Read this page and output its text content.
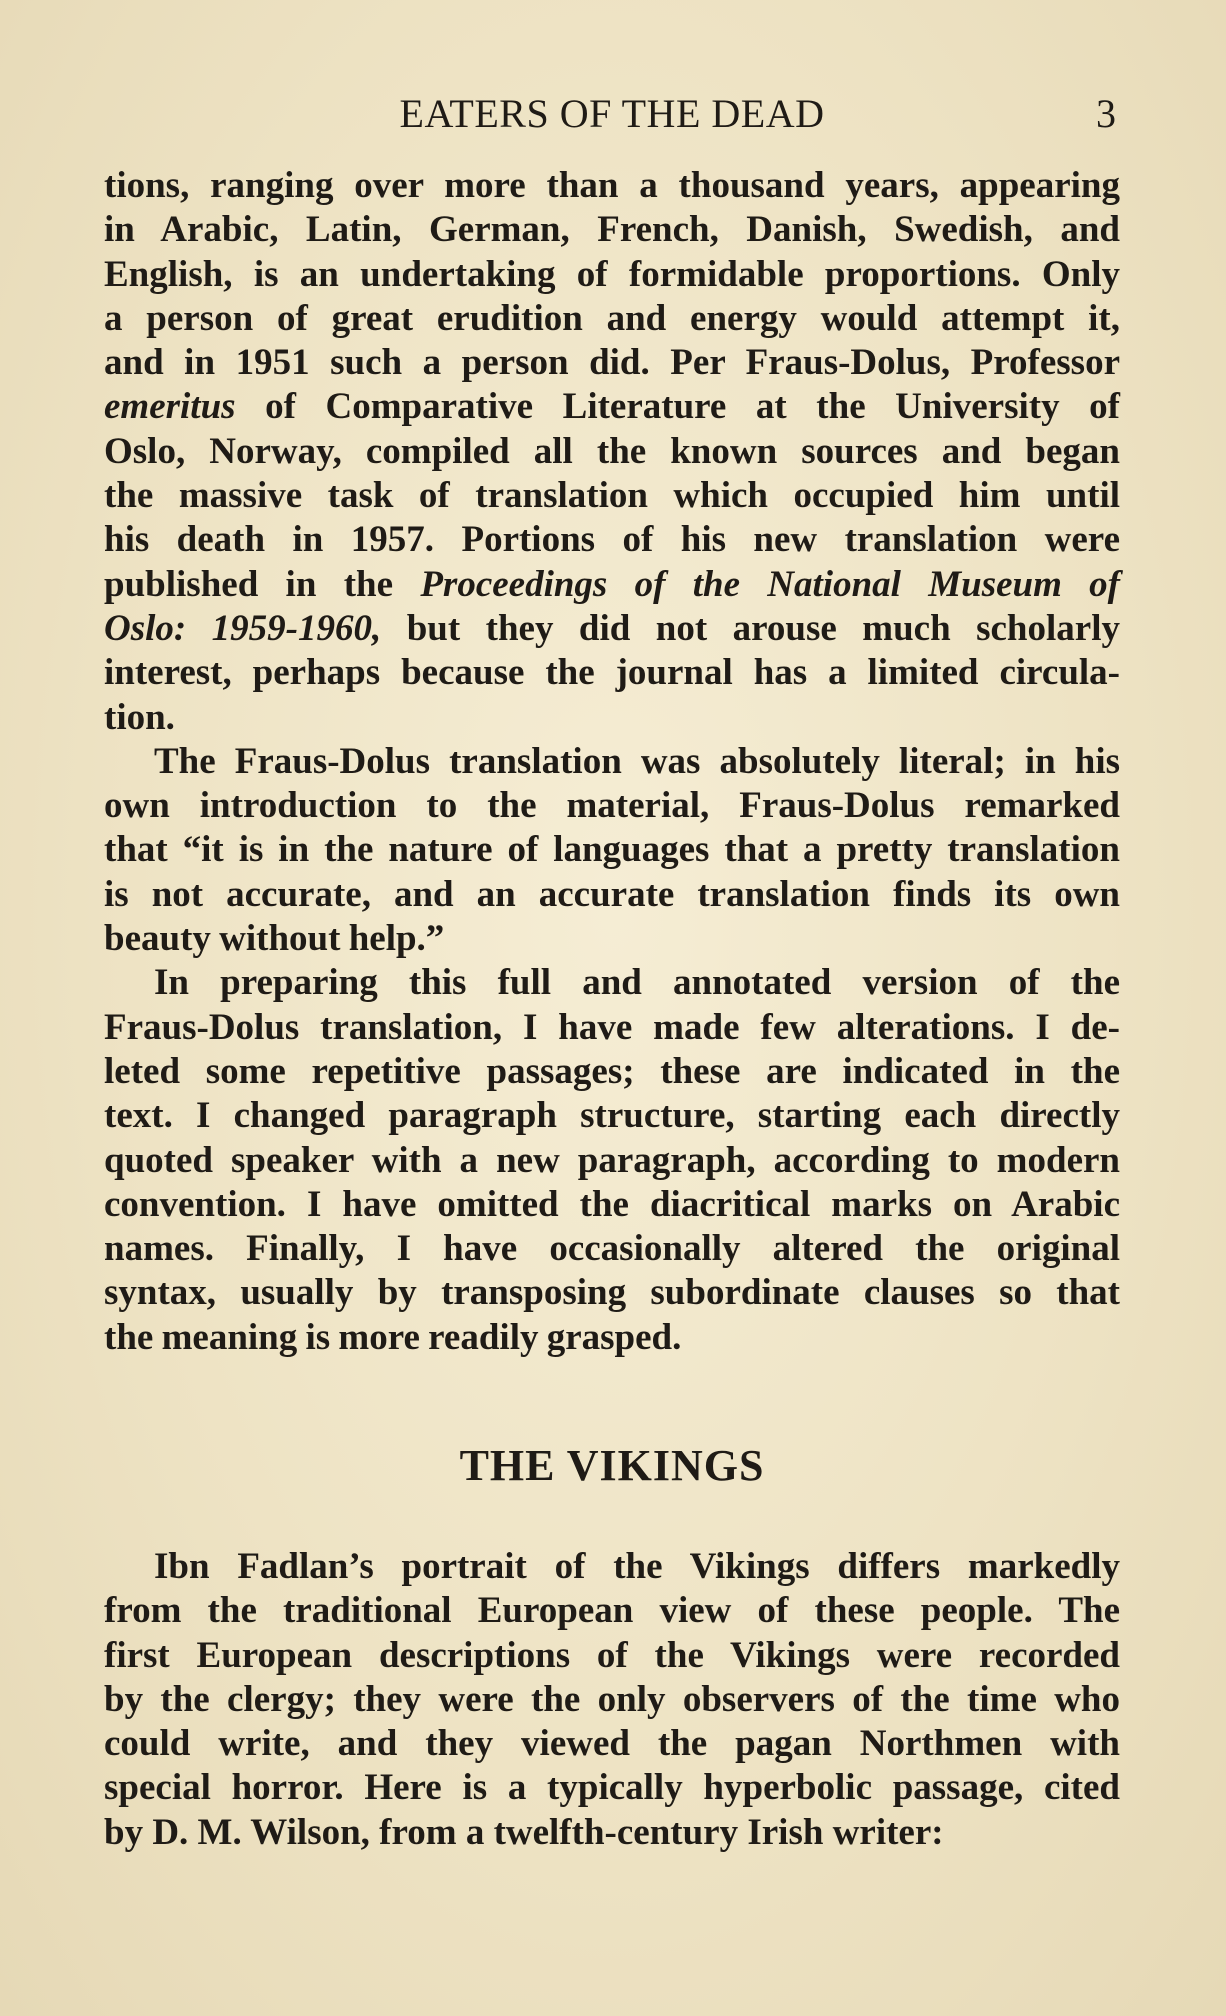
EATERS OF THE DEAD	3

tions, ranging over more than a thousand years, appearing
in Arabic, Latin, German, French, Danish, Swedish, and
English, is an undertaking of formidable proportions. Only
a person of great erudition and energy would attempt it,
and in 1951 such a person did. Per Fraus-Dolus, Professor
emeritus of Comparative Literature at the University of
Oslo, Norway, compiled all the known sources and began
the massive task of translation which occupied him until
his death in 1957. Portions of his new translation were
published in the Proceedings of the National Museum of
Oslo: 1959-1960, but they did not arouse much scholarly
interest, perhaps because the journal has a limited circula-
tion.

The Fraus-Dolus translation was absolutely literal; in his
own introduction to the material, Fraus-Dolus remarked
that “it is in the nature of languages that a pretty translation
is not accurate, and an accurate translation finds its own
beauty without help.”

In preparing this full and annotated version of the
Fraus-Dolus translation, I have made few alterations. I de-
leted some repetitive passages; these are indicated in the
text. I changed paragraph structure, starting each directly
quoted speaker with a new paragraph, according to modern
convention. I have omitted the diacritical marks on Arabic
names. Finally, I have occasionally altered the original
syntax, usually by transposing subordinate clauses so that
the meaning is more readily grasped.

THE VIKINGS

Ibn Fadlan’s portrait of the Vikings differs markedly
from the traditional European view of these people. The
first European descriptions of the Vikings were recorded
by the clergy; they were the only observers of the time who
could write, and they viewed the pagan Northmen with
special horror. Here is a typically hyperbolic passage, cited
by D. M. Wilson, from a twelfth-century Irish writer:
